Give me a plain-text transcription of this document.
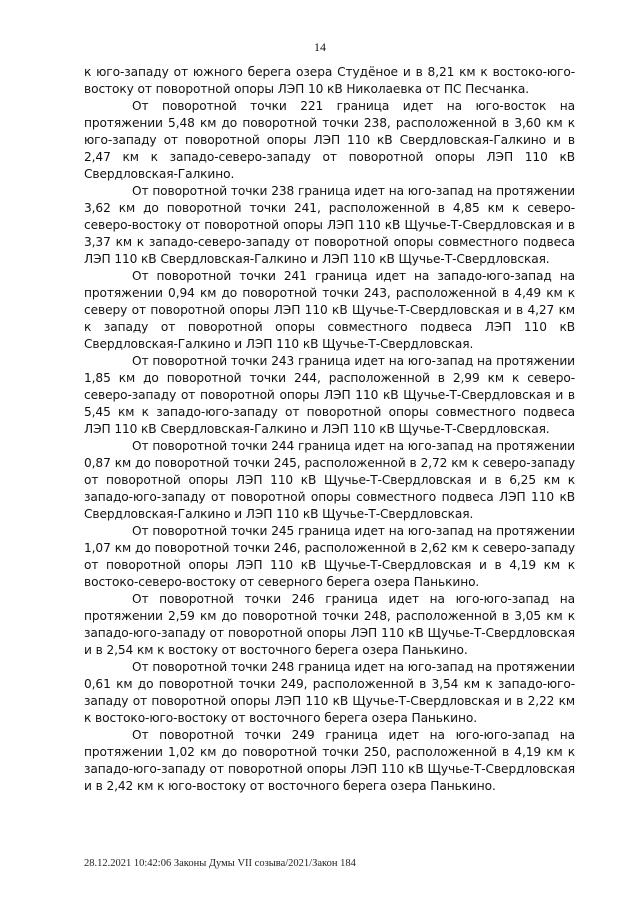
14

к юго-западу от южного берега озера Студёное и в 8,21 км к востоко-юго-востоку от поворотной опоры ЛЭП 10 кВ Николаевка от ПС Песчанка.

От поворотной точки 221 граница идет на юго-восток на протяжении 5,48 км до поворотной точки 238, расположенной в 3,60 км к юго-западу от поворотной опоры ЛЭП 110 кВ Свердловская-Галкино и в 2,47 км к западо-северо-западу от поворотной опоры ЛЭП 110 кВ Свердловская-Галкино.

От поворотной точки 238 граница идет на юго-запад на протяжении 3,62 км до поворотной точки 241, расположенной в 4,85 км к северо-северо-востоку от поворотной опоры ЛЭП 110 кВ Щучье-Т-Свердловская и в 3,37 км к западо-северо-западу от поворотной опоры совместного подвеса ЛЭП 110 кВ Свердловская-Галкино и ЛЭП 110 кВ Щучье-Т-Свердловская.

От поворотной точки 241 граница идет на западо-юго-запад на протяжении 0,94 км до поворотной точки 243, расположенной в 4,49 км к северу от поворотной опоры ЛЭП 110 кВ Щучье-Т-Свердловская и в 4,27 км к западу от поворотной опоры совместного подвеса ЛЭП 110 кВ Свердловская-Галкино и ЛЭП 110 кВ Щучье-Т-Свердловская.

От поворотной точки 243 граница идет на юго-запад на протяжении 1,85 км до поворотной точки 244, расположенной в 2,99 км к северо-северо-западу от поворотной опоры ЛЭП 110 кВ Щучье-Т-Свердловская и в 5,45 км к западо-юго-западу от поворотной опоры совместного подвеса ЛЭП 110 кВ Свердловская-Галкино и ЛЭП 110 кВ Щучье-Т-Свердловская.

От поворотной точки 244 граница идет на юго-запад на протяжении 0,87 км до поворотной точки 245, расположенной в 2,72 км к северо-западу от поворотной опоры ЛЭП 110 кВ Щучье-Т-Свердловская и в 6,25 км к западо-юго-западу от поворотной опоры совместного подвеса ЛЭП 110 кВ Свердловская-Галкино и ЛЭП 110 кВ Щучье-Т-Свердловская.

От поворотной точки 245 граница идет на юго-запад на протяжении 1,07 км до поворотной точки 246, расположенной в 2,62 км к северо-западу от поворотной опоры ЛЭП 110 кВ Щучье-Т-Свердловская и в 4,19 км к востоко-северо-востоку от северного берега озера Панькино.

От поворотной точки 246 граница идет на юго-юго-запад на протяжении 2,59 км до поворотной точки 248, расположенной в 3,05 км к западо-юго-западу от поворотной опоры ЛЭП 110 кВ Щучье-Т-Свердловская и в 2,54 км к востоку от восточного берега озера Панькино.

От поворотной точки 248 граница идет на юго-запад на протяжении 0,61 км до поворотной точки 249, расположенной в 3,54 км к западо-юго-западу от поворотной опоры ЛЭП 110 кВ Щучье-Т-Свердловская и в 2,22 км к востоко-юго-востоку от восточного берега озера Панькино.

От поворотной точки 249 граница идет на юго-юго-запад на протяжении 1,02 км до поворотной точки 250, расположенной в 4,19 км к западо-юго-западу от поворотной опоры ЛЭП 110 кВ Щучье-Т-Свердловская и в 2,42 км к юго-востоку от восточного берега озера Панькино.

28.12.2021 10:42:06 Законы Думы VII созыва/2021/Закон 184
